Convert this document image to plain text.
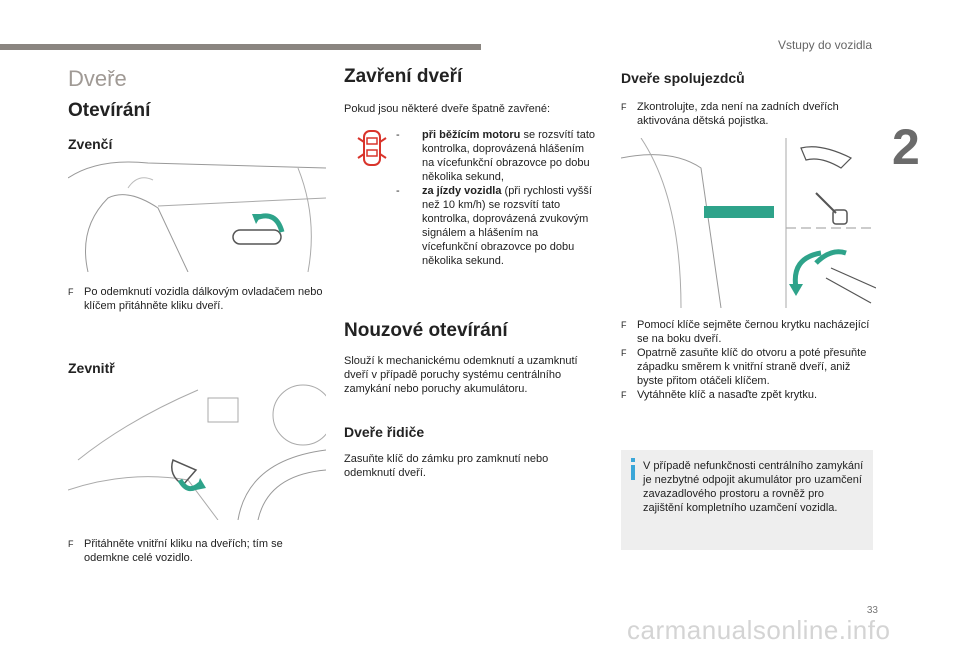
Vstupy do vozidla
2
Dveře
Otevírání
Zvenčí
F Po odemknutí vozidla dálkovým ovladačem nebo klíčem přitáhněte kliku dveří.
Zevnitř
F Přitáhněte vnitřní kliku na dveřích; tím se odemkne celé vozidlo.
Zavření dveří

Pokud jsou některé dveře špatně zavřené:

- při běžícím motoru se rozsvítí tato kontrolka, doprovázená hlášením na vícefunkční obrazovce po dobu několika sekund,
- za jízdy vozidla (při rychlosti vyšší než 10 km/h) se rozsvítí tato kontrolka, doprovázená zvukovým signálem a hlášením na vícefunkční obrazovce po dobu několika sekund.
Nouzové otevírání

Slouží k mechanickému odemknutí a uzamknutí dveří v případě poruchy systému centrálního zamykání nebo poruchy akumulátoru.

Dveře řidiče

Zasuňte klíč do zámku pro zamknutí nebo odemknutí dveří.

Dveře spolujezdců
F Zkontrolujte, zda není na zadních dveřích aktivována dětská pojistka.
F Pomocí klíče sejměte černou krytku nacházející se na boku dveří.
F Opatrně zasuňte klíč do otvoru a poté přesuňte západku směrem k vnitřní straně dveří, aniž byste přitom otáčeli klíčem.
F Vytáhněte klíč a nasaďte zpět krytku.
V případě nefunkčnosti centrálního zamykání je nezbytné odpojit akumulátor pro uzamčení zavazadlového prostoru a rovněž pro zajištění kompletního uzamčení vozidla.
33
carmanualsonline.info
